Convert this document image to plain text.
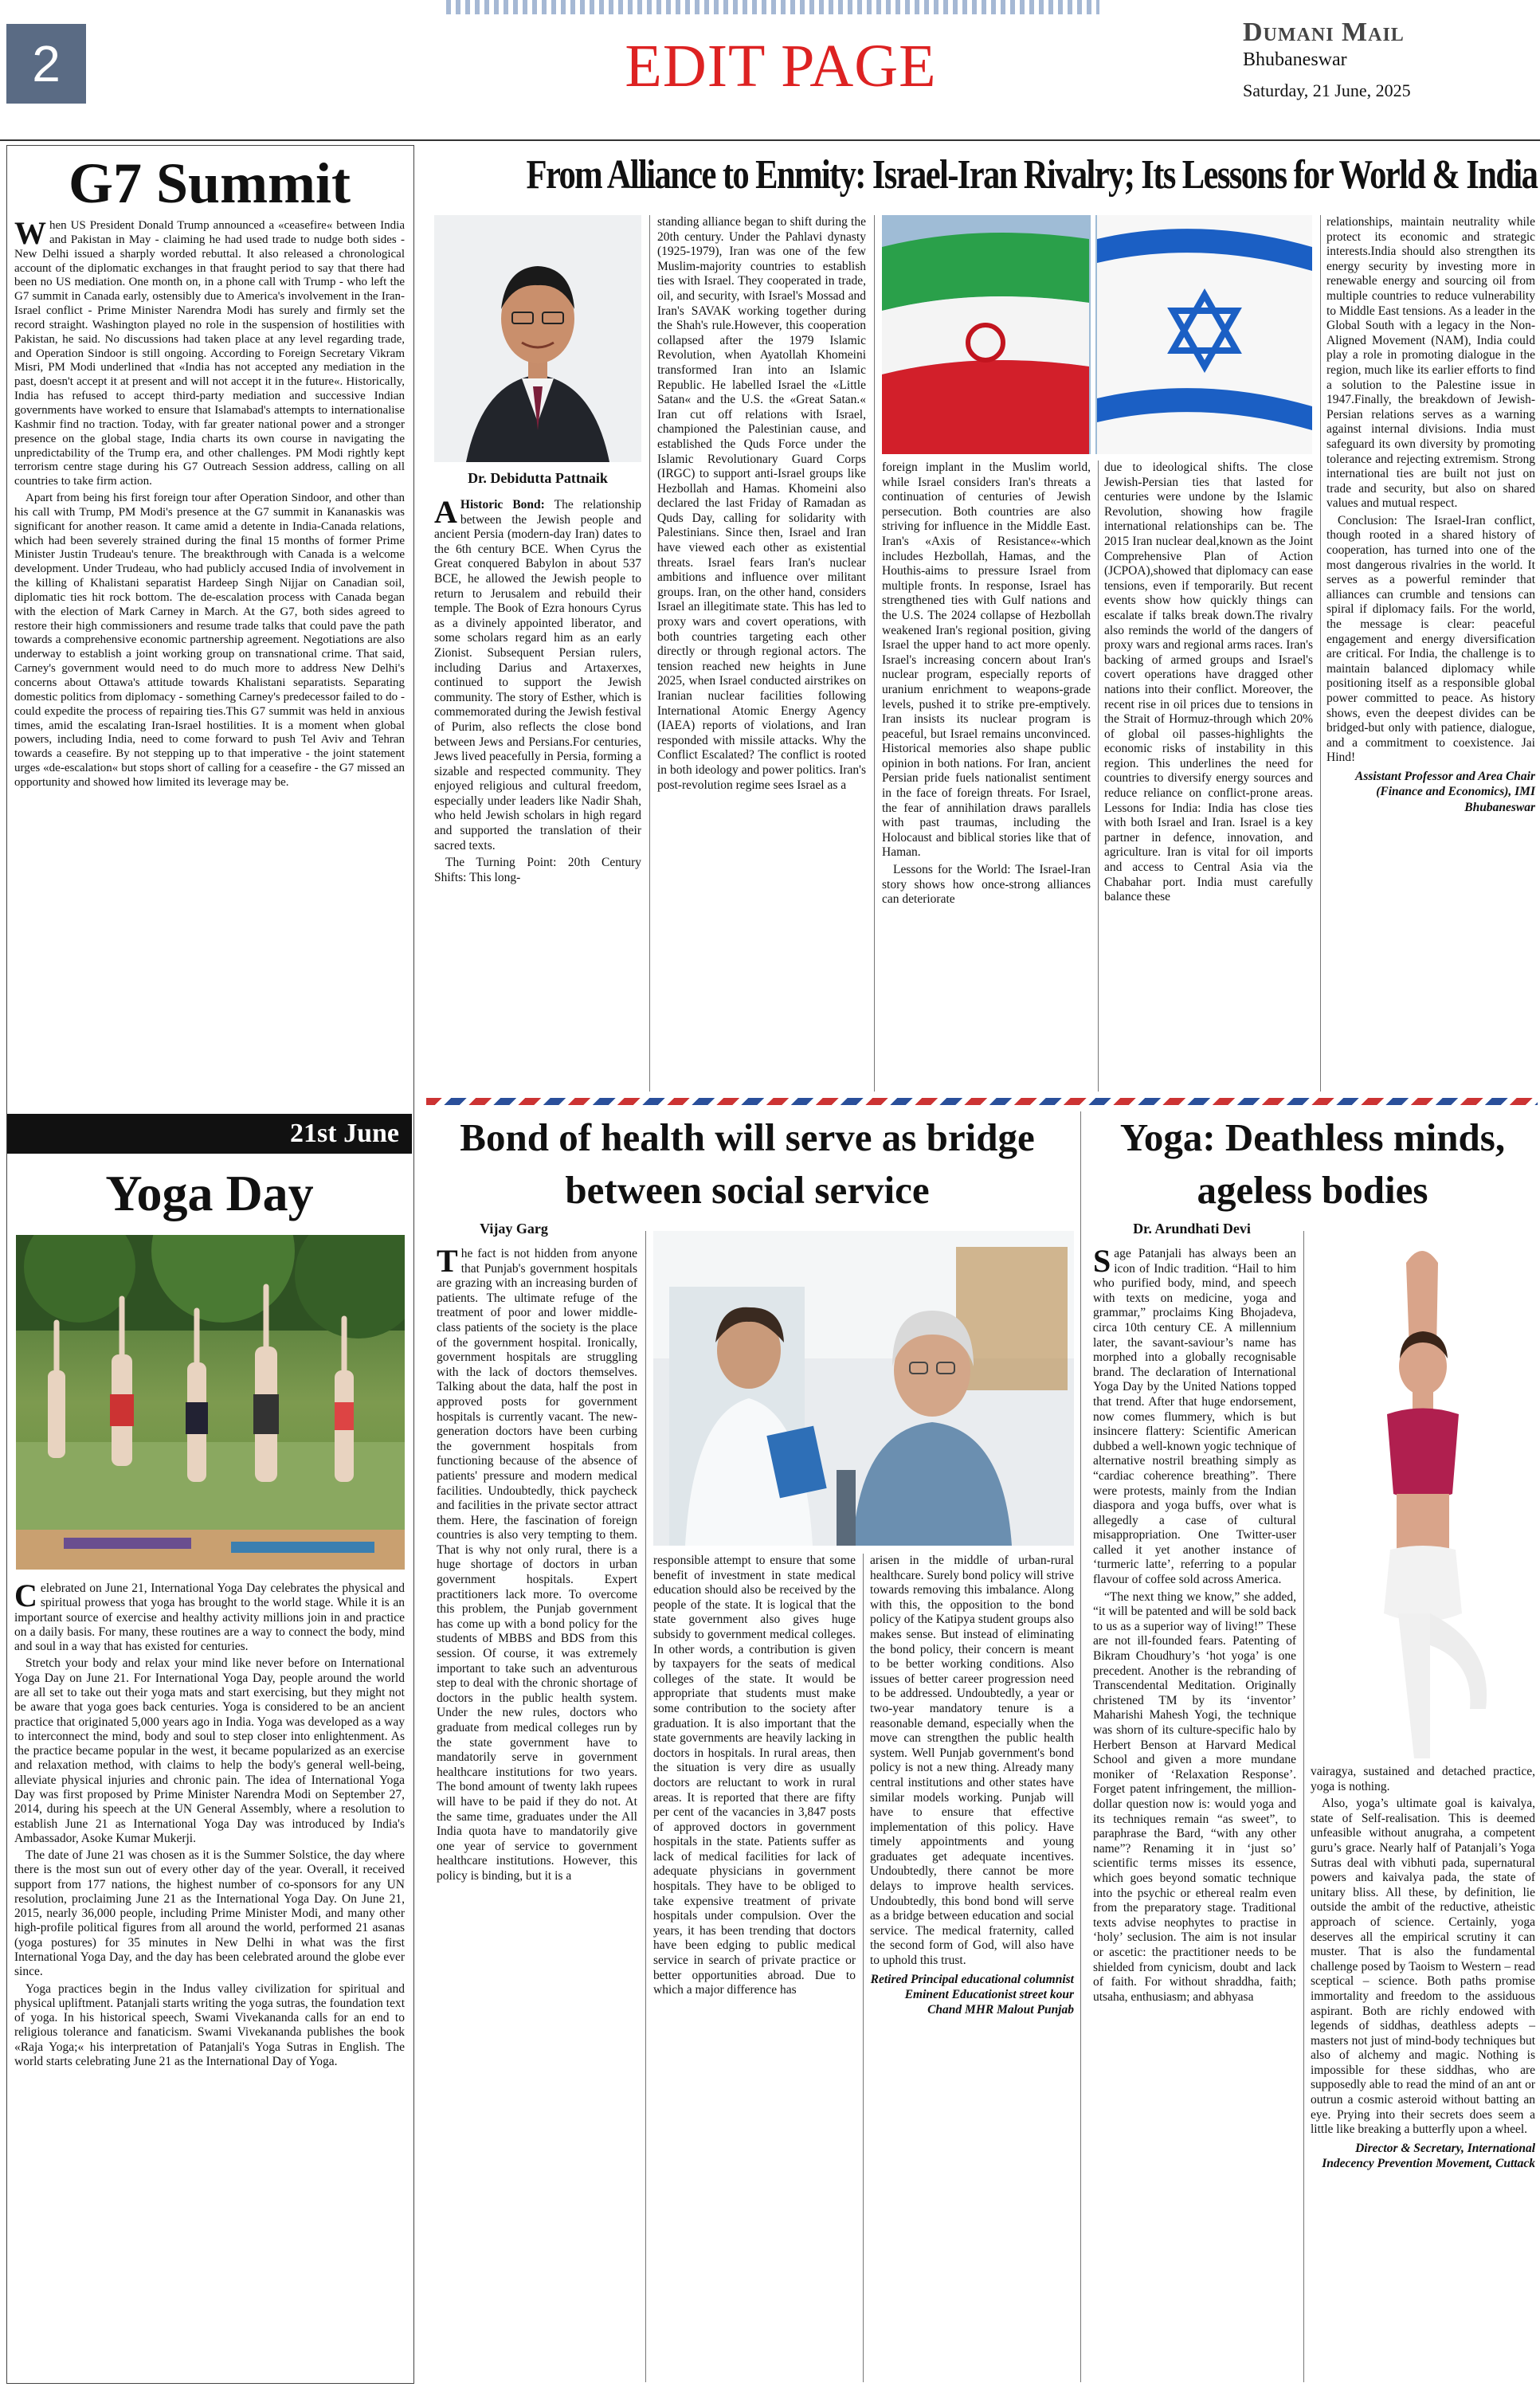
2	EDIT PAGE
Dumani Mail
Bhubaneswar
Saturday, 21 June, 2025
G7 Summit

When US President Donald Trump announced a «ceasefire« between India and Pakistan in May - claiming he had used trade to nudge both sides - New Delhi issued a sharply worded rebuttal. It also released a chronological account of the diplomatic exchanges in that fraught period to say that there had been no US mediation. One month on, in a phone call with Trump - who left the G7 summit in Canada early, ostensibly due to America's involvement in the Iran-Israel conflict - Prime Minister Narendra Modi has surely and firmly set the record straight. Washington played no role in the suspension of hostilities with Pakistan, he said. No discussions had taken place at any level regarding trade, and Operation Sindoor is still ongoing. According to Foreign Secretary Vikram Misri, PM Modi underlined that «India has not accepted any mediation in the past, doesn't accept it at present and will not accept it in the future«. Historically, India has refused to accept third-party mediation and successive Indian governments have worked to ensure that Islamabad's attempts to internationalise Kashmir find no traction. Today, with far greater national power and a stronger presence on the global stage, India charts its own course in navigating the unpredictability of the Trump era, and other challenges. PM Modi rightly kept terrorism centre stage during his G7 Outreach Session address, calling on all countries to take firm action.

Apart from being his first foreign tour after Operation Sindoor, and other than his call with Trump, PM Modi's presence at the G7 summit in Kananaskis was significant for another reason. It came amid a detente in India-Canada relations, which had been severely strained during the final 15 months of former Prime Minister Justin Trudeau's tenure. The breakthrough with Canada is a welcome development. Under Trudeau, who had publicly accused India of involvement in the killing of Khalistani separatist Hardeep Singh Nijjar on Canadian soil, diplomatic ties hit rock bottom. The de-escalation process with Canada began with the election of Mark Carney in March. At the G7, both sides agreed to restore their high commissioners and resume trade talks that could pave the path towards a comprehensive economic partnership agreement. Negotiations are also underway to establish a joint working group on transnational crime. That said, Carney's government would need to do much more to address New Delhi's concerns about Ottawa's attitude towards Khalistani separatists. Separating domestic politics from diplomacy - something Carney's predecessor failed to do - could expedite the process of repairing ties.This G7 summit was held in anxious times, amid the escalating Iran-Israel hostilities. It is a moment when global powers, including India, need to come forward to push Tel Aviv and Tehran towards a ceasefire. By not stepping up to that imperative - the joint statement urges «de-escalation« but stops short of calling for a ceasefire - the G7 missed an opportunity and showed how limited its leverage may be.

21st June
Yoga Day

Celebrated on June 21, International Yoga Day celebrates the physical and spiritual prowess that yoga has brought to the world stage. While it is an important source of exercise and healthy activity millions join in and practice on a daily basis. For many, these routines are a way to connect the body, mind and soul in a way that has existed for centuries.

Stretch your body and relax your mind like never before on International Yoga Day on June 21. For International Yoga Day, people around the world are all set to take out their yoga mats and start exercising, but they might not be aware that yoga goes back centuries. Yoga is considered to be an ancient practice that originated 5,000 years ago in India. Yoga was developed as a way to interconnect the mind, body and soul to step closer into enlightenment. As the practice became popular in the west, it became popularized as an exercise and relaxation method, with claims to help the body's general well-being, alleviate physical injuries and chronic pain. The idea of International Yoga Day was first proposed by Prime Minister Narendra Modi on September 27, 2014, during his speech at the UN General Assembly, where a resolution to establish June 21 as International Yoga Day was introduced by India's Ambassador, Asoke Kumar Mukerji.

The date of June 21 was chosen as it is the Summer Solstice, the day where there is the most sun out of every other day of the year. Overall, it received support from 177 nations, the highest number of co-sponsors for any UN resolution, proclaiming June 21 as the International Yoga Day. On June 21, 2015, nearly 36,000 people, including Prime Minister Modi, and many other high-profile political figures from all around the world, performed 21 asanas (yoga postures) for 35 minutes in New Delhi in what was the first International Yoga Day, and the day has been celebrated around the globe ever since.

Yoga practices begin in the Indus valley civilization for spiritual and physical upliftment. Patanjali starts writing the yoga sutras, the foundation text of yoga. In his historical speech, Swami Vivekananda calls for an end to religious tolerance and fanaticism. Swami Vivekananda publishes the book «Raja Yoga;« his interpretation of Patanjali's Yoga Sutras in English. The world starts celebrating June 21 as the International Day of Yoga.

From Alliance to Enmity: Israel-Iran Rivalry; Its Lessons for World & India
Dr. Debidutta Pattnaik

A Historic Bond: The relationship between the Jewish people and ancient Persia (modern-day Iran) dates to the 6th century BCE. When Cyrus the Great conquered Babylon in about 537 BCE, he allowed the Jewish people to return to Jerusalem and rebuild their temple. The Book of Ezra honours Cyrus as a divinely appointed liberator, and some scholars regard him as an early Zionist. Subsequent Persian rulers, including Darius and Artaxerxes, continued to support the Jewish community. The story of Esther, which is commemorated during the Jewish festival of Purim, also reflects the close bond between Jews and Persians.For centuries, Jews lived peacefully in Persia, forming a sizable and respected community. They enjoyed religious and cultural freedom, especially under leaders like Nadir Shah, who held Jewish scholars in high regard and supported the translation of their sacred texts.

The Turning Point: 20th Century Shifts: This long-

standing alliance began to shift during the 20th century. Under the Pahlavi dynasty (1925-1979), Iran was one of the few Muslim-majority countries to establish ties with Israel. They cooperated in trade, oil, and security, with Israel's Mossad and Iran's SAVAK working together during the Shah's rule.However, this cooperation collapsed after the 1979 Islamic Revolution, when Ayatollah Khomeini transformed Iran into an Islamic Republic. He labelled Israel the «Little Satan« and the U.S. the «Great Satan.« Iran cut off relations with Israel, championed the Palestinian cause, and established the Quds Force under the Islamic Revolutionary Guard Corps (IRGC) to support anti-Israel groups like Hezbollah and Hamas. Khomeini also declared the last Friday of Ramadan as Quds Day, calling for solidarity with Palestinians. Since then, Israel and Iran have viewed each other as existential threats. Israel fears Iran's nuclear ambitions and influence over militant groups. Iran, on the other hand, considers Israel an illegitimate state. This has led to proxy wars and covert operations, with both countries targeting each other directly or through regional actors. The tension reached new heights in June 2025, when Israel conducted airstrikes on Iranian nuclear facilities following International Atomic Energy Agency (IAEA) reports of violations, and Iran responded with missile attacks. Why the Conflict Escalated? The conflict is rooted in both ideology and power politics. Iran's post-revolution regime sees Israel as a

foreign implant in the Muslim world, while Israel considers Iran's threats a continuation of centuries of Jewish persecution. Both countries are also striving for influence in the Middle East. Iran's «Axis of Resistance«-which includes Hezbollah, Hamas, and the Houthis-aims to pressure Israel from multiple fronts. In response, Israel has strengthened ties with Gulf nations and the U.S. The 2024 collapse of Hezbollah weakened Iran's regional position, giving Israel the upper hand to act more openly. Israel's increasing concern about Iran's nuclear program, especially reports of uranium enrichment to weapons-grade levels, pushed it to strike pre-emptively. Iran insists its nuclear program is peaceful, but Israel remains unconvinced. Historical memories also shape public opinion in both nations. For Iran, ancient Persian pride fuels nationalist sentiment in the face of foreign threats. For Israel, the fear of annihilation draws parallels with past traumas, including the Holocaust and biblical stories like that of Haman.

Lessons for the World: The Israel-Iran story shows how once-strong alliances can deteriorate

due to ideological shifts. The close Jewish-Persian ties that lasted for centuries were undone by the Islamic Revolution, showing how fragile international relationships can be. The 2015 Iran nuclear deal,known as the Joint Comprehensive Plan of Action (JCPOA),showed that diplomacy can ease tensions, even if temporarily. But recent events show how quickly things can escalate if talks break down.The rivalry also reminds the world of the dangers of proxy wars and regional arms races. Iran's backing of armed groups and Israel's covert operations have dragged other nations into their conflict. Moreover, the recent rise in oil prices due to tensions in the Strait of Hormuz-through which 20% of global oil passes-highlights the economic risks of instability in this region. This underlines the need for countries to diversify energy sources and reduce reliance on conflict-prone areas. Lessons for India: India has close ties with both Israel and Iran. Israel is a key partner in defence, innovation, and agriculture. Iran is vital for oil imports and access to Central Asia via the Chabahar port. India must carefully balance these

relationships, maintain neutrality while protect its economic and strategic interests.India should also strengthen its energy security by investing more in renewable energy and sourcing oil from multiple countries to reduce vulnerability to Middle East tensions. As a leader in the Global South with a legacy in the Non-Aligned Movement (NAM), India could play a role in promoting dialogue in the region, much like its earlier efforts to find a solution to the Palestine issue in 1947.Finally, the breakdown of Jewish-Persian relations serves as a warning against internal divisions. India must safeguard its own diversity by promoting tolerance and rejecting extremism. Strong international ties are built not just on trade and security, but also on shared values and mutual respect.

Conclusion: The Israel-Iran conflict, though rooted in a shared history of cooperation, has turned into one of the most dangerous rivalries in the world. It serves as a powerful reminder that alliances can crumble and tensions can spiral if diplomacy fails. For the world, the message is clear: peaceful engagement and energy diversification are critical. For India, the challenge is to maintain balanced diplomacy while positioning itself as a responsible global power committed to peace. As history shows, even the deepest divides can be bridged-but only with patience, dialogue, and a commitment to coexistence. Jai Hind!

Assistant Professor and Area Chair (Finance and Economics), IMI Bhubaneswar
Bond of health will serve as bridge between social service
Vijay Garg

The fact is not hidden from anyone that Punjab's government hospitals are grazing with an increasing burden of patients. The ultimate refuge of the treatment of poor and lower middle-class patients of the society is the place of the government hospital. Ironically, government hospitals are struggling with the lack of doctors themselves. Talking about the data, half the post in approved posts for government hospitals is currently vacant. The new-generation doctors have been curbing the government hospitals from functioning because of the absence of patients' pressure and modern medical facilities. Undoubtedly, thick paycheck and facilities in the private sector attract them. Here, the fascination of foreign countries is also very tempting to them. That is why not only rural, there is a huge shortage of doctors in urban government hospitals. Expert practitioners lack more. To overcome this problem, the Punjab government has come up with a bond policy for the students of MBBS and BDS from this session. Of course, it was extremely important to take such an adventurous step to deal with the chronic shortage of doctors in the public health system. Under the new rules, doctors who graduate from medical colleges run by the state government have to mandatorily serve in government healthcare institutions for two years. The bond amount of twenty lakh rupees will have to be paid if they do not. At the same time, graduates under the All India quota have to mandatorily give one year of service to government healthcare institutions. However, this policy is binding, but it is a

responsible attempt to ensure that some benefit of investment in state medical education should also be received by the people of the state. It is logical that the state government also gives huge subsidy to government medical colleges. In other words, a contribution is given by taxpayers for the seats of medical colleges of the state. It would be appropriate that students must make some contribution to the society after graduation. It is also important that the state governments are heavily lacking in doctors in hospitals. In rural areas, then the situation is very dire as usually doctors are reluctant to work in rural areas. It is reported that there are fifty per cent of the vacancies in 3,847 posts of approved doctors in government hospitals in the state. Patients suffer as lack of medical facilities for lack of adequate physicians in government hospitals. They have to be obliged to take expensive treatment of private hospitals under compulsion. Over the years, it has been trending that doctors have been edging to public medical service in search of private practice or better opportunities abroad. Due to which a major difference has

arisen in the middle of urban-rural healthcare. Surely bond policy will strive towards removing this imbalance. Along with this, the opposition to the bond policy of the Katipya student groups also makes sense. But instead of eliminating the bond policy, their concern is meant to be better working conditions. Also issues of better career progression need to be addressed. Undoubtedly, a year or two-year mandatory tenure is a reasonable demand, especially when the move can strengthen the public health system. Well Punjab government's bond policy is not a new thing. Already many central institutions and other states have similar models working. Punjab will have to ensure that effective implementation of this policy. Have timely appointments and young graduates get adequate incentives. Undoubtedly, there cannot be more delays to improve health services. Undoubtedly, this bond bond will serve as a bridge between education and social service. The medical fraternity, called the second form of God, will also have to uphold this trust.

Retired Principal educational columnist Eminent Educationist street kour Chand MHR Malout Punjab
Yoga: Deathless minds, ageless bodies
Dr. Arundhati Devi

Sage Patanjali has always been an icon of Indic tradition. “Hail to him who purified body, mind, and speech with texts on medicine, yoga and grammar,” proclaims King Bhojadeva, circa 10th century CE. A millennium later, the savant-saviour’s name has morphed into a globally recognisable brand. The declaration of International Yoga Day by the United Nations topped that trend. After that huge endorsement, now comes flummery, which is but insincere flattery: Scientific American dubbed a well-known yogic technique of alternative nostril breathing simply as “cardiac coherence breathing”. There were protests, mainly from the Indian diaspora and yoga buffs, over what is allegedly a case of cultural misappropriation. One Twitter-user called it yet another instance of ‘turmeric latte’, referring to a popular flavour of coffee sold across America.

“The next thing we know,” she added, “it will be patented and will be sold back to us as a superior way of living!” These are not ill-founded fears. Patenting of Bikram Choudhury’s ‘hot yoga’ is one precedent. Another is the rebranding of Transcendental Meditation. Originally christened TM by its ‘inventor’ Maharishi Mahesh Yogi, the technique was shorn of its culture-specific halo by Herbert Benson at Harvard Medical School and given a more mundane moniker of ‘Relaxation Response’. Forget patent infringement, the million-dollar question now is: would yoga and its techniques remain “as sweet”, to paraphrase the Bard, “with any other name”? Renaming it in ‘just so’ scientific terms misses its essence, which goes beyond somatic technique into the psychic or ethereal realm even from the preparatory stage. Traditional texts advise neophytes to practise in ‘holy’ seclusion. The aim is not insular or ascetic: the practitioner needs to be shielded from cynicism, doubt and lack of faith. For without shraddha, faith; utsaha, enthusiasm; and abhyasa

vairagya, sustained and detached practice, yoga is nothing.

Also, yoga’s ultimate goal is kaivalya, state of Self-realisation. This is deemed unfeasible without anugraha, a competent guru’s grace. Nearly half of Patanjali’s Yoga Sutras deal with vibhuti pada, supernatural powers and kaivalya pada, the state of unitary bliss. All these, by definition, lie outside the ambit of the reductive, atheistic approach of science. Certainly, yoga deserves all the empirical scrutiny it can muster. That is also the fundamental challenge posed by Taoism to Western – read sceptical – science. Both paths promise immortality and freedom to the assiduous aspirant. Both are richly endowed with legends of siddhas, deathless adepts – masters not just of mind-body techniques but also of alchemy and magic. Nothing is impossible for these siddhas, who are supposedly able to read the mind of an ant or outrun a cosmic asteroid without batting an eye. Prying into their secrets does seem a little like breaking a butterfly upon a wheel.

Director & Secretary, International Indecency Prevention Movement, Cuttack
